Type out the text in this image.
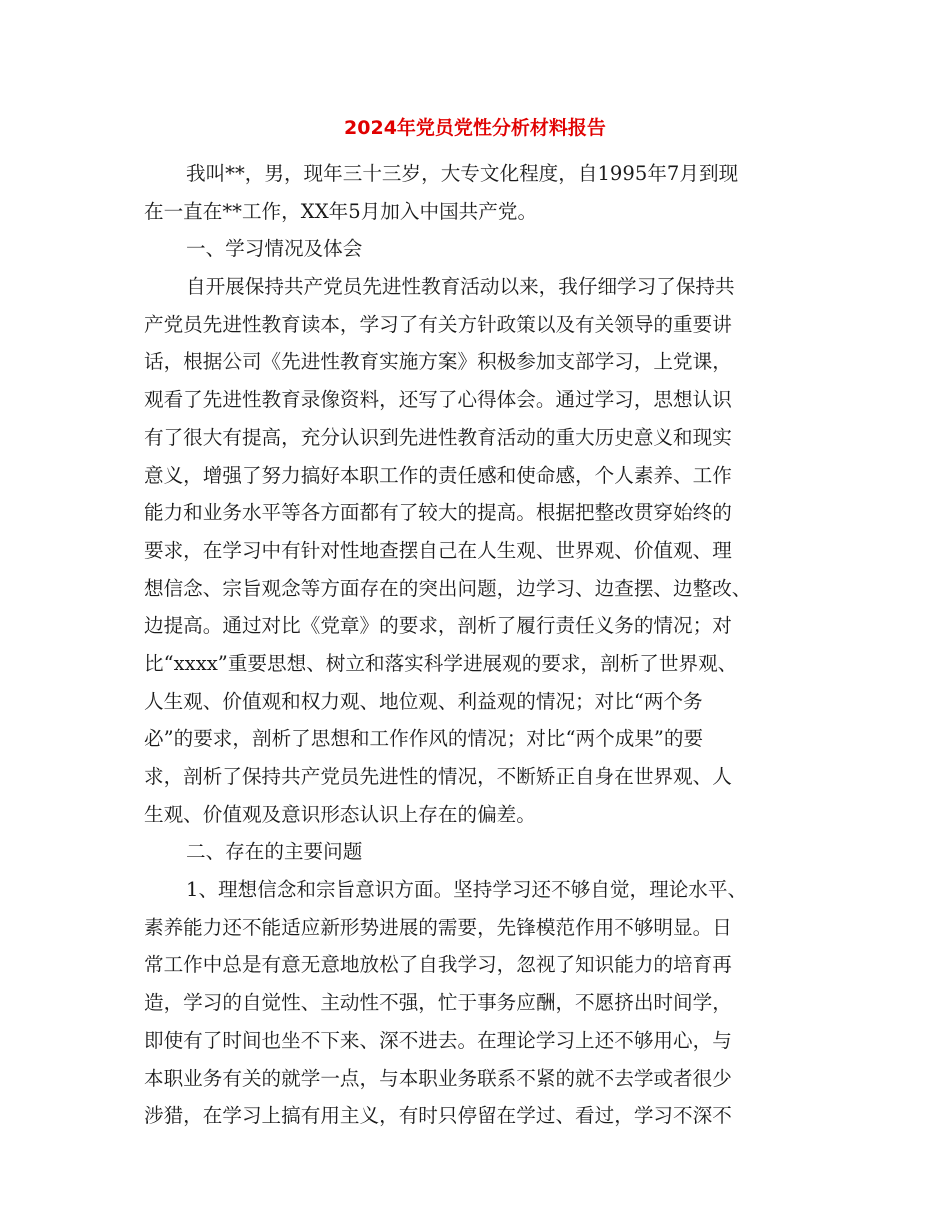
2024年党员党性分析材料报告
我叫**，男，现年三十三岁，大专文化程度，自1995年7月到现
在一直在**工作，XX年5月加入中国共产党。
一、学习情况及体会
自开展保持共产党员先进性教育活动以来，我仔细学习了保持共
产党员先进性教育读本，学习了有关方针政策以及有关领导的重要讲
话，根据公司《先进性教育实施方案》积极参加支部学习，上党课，
观看了先进性教育录像资料，还写了心得体会。通过学习，思想认识
有了很大有提高，充分认识到先进性教育活动的重大历史意义和现实
意义，增强了努力搞好本职工作的责任感和使命感，个人素养、工作
能力和业务水平等各方面都有了较大的提高。根据把整改贯穿始终的
要求，在学习中有针对性地查摆自己在人生观、世界观、价值观、理
想信念、宗旨观念等方面存在的突出问题，边学习、边查摆、边整改、
边提高。通过对比《党章》的要求，剖析了履行责任义务的情况；对
比“xxxx”重要思想、树立和落实科学进展观的要求，剖析了世界观、
人生观、价值观和权力观、地位观、利益观的情况；对比“两个务
必”的要求，剖析了思想和工作作风的情况；对比“两个成果”的要
求，剖析了保持共产党员先进性的情况，不断矫正自身在世界观、人
生观、价值观及意识形态认识上存在的偏差。
二、存在的主要问题
1、理想信念和宗旨意识方面。坚持学习还不够自觉，理论水平、
素养能力还不能适应新形势进展的需要，先锋模范作用不够明显。日
常工作中总是有意无意地放松了自我学习，忽视了知识能力的培育再
造，学习的自觉性、主动性不强，忙于事务应酬，不愿挤出时间学，
即使有了时间也坐不下来、深不进去。在理论学习上还不够用心，与
本职业务有关的就学一点，与本职业务联系不紧的就不去学或者很少
涉猎，在学习上搞有用主义，有时只停留在学过、看过，学习不深不
